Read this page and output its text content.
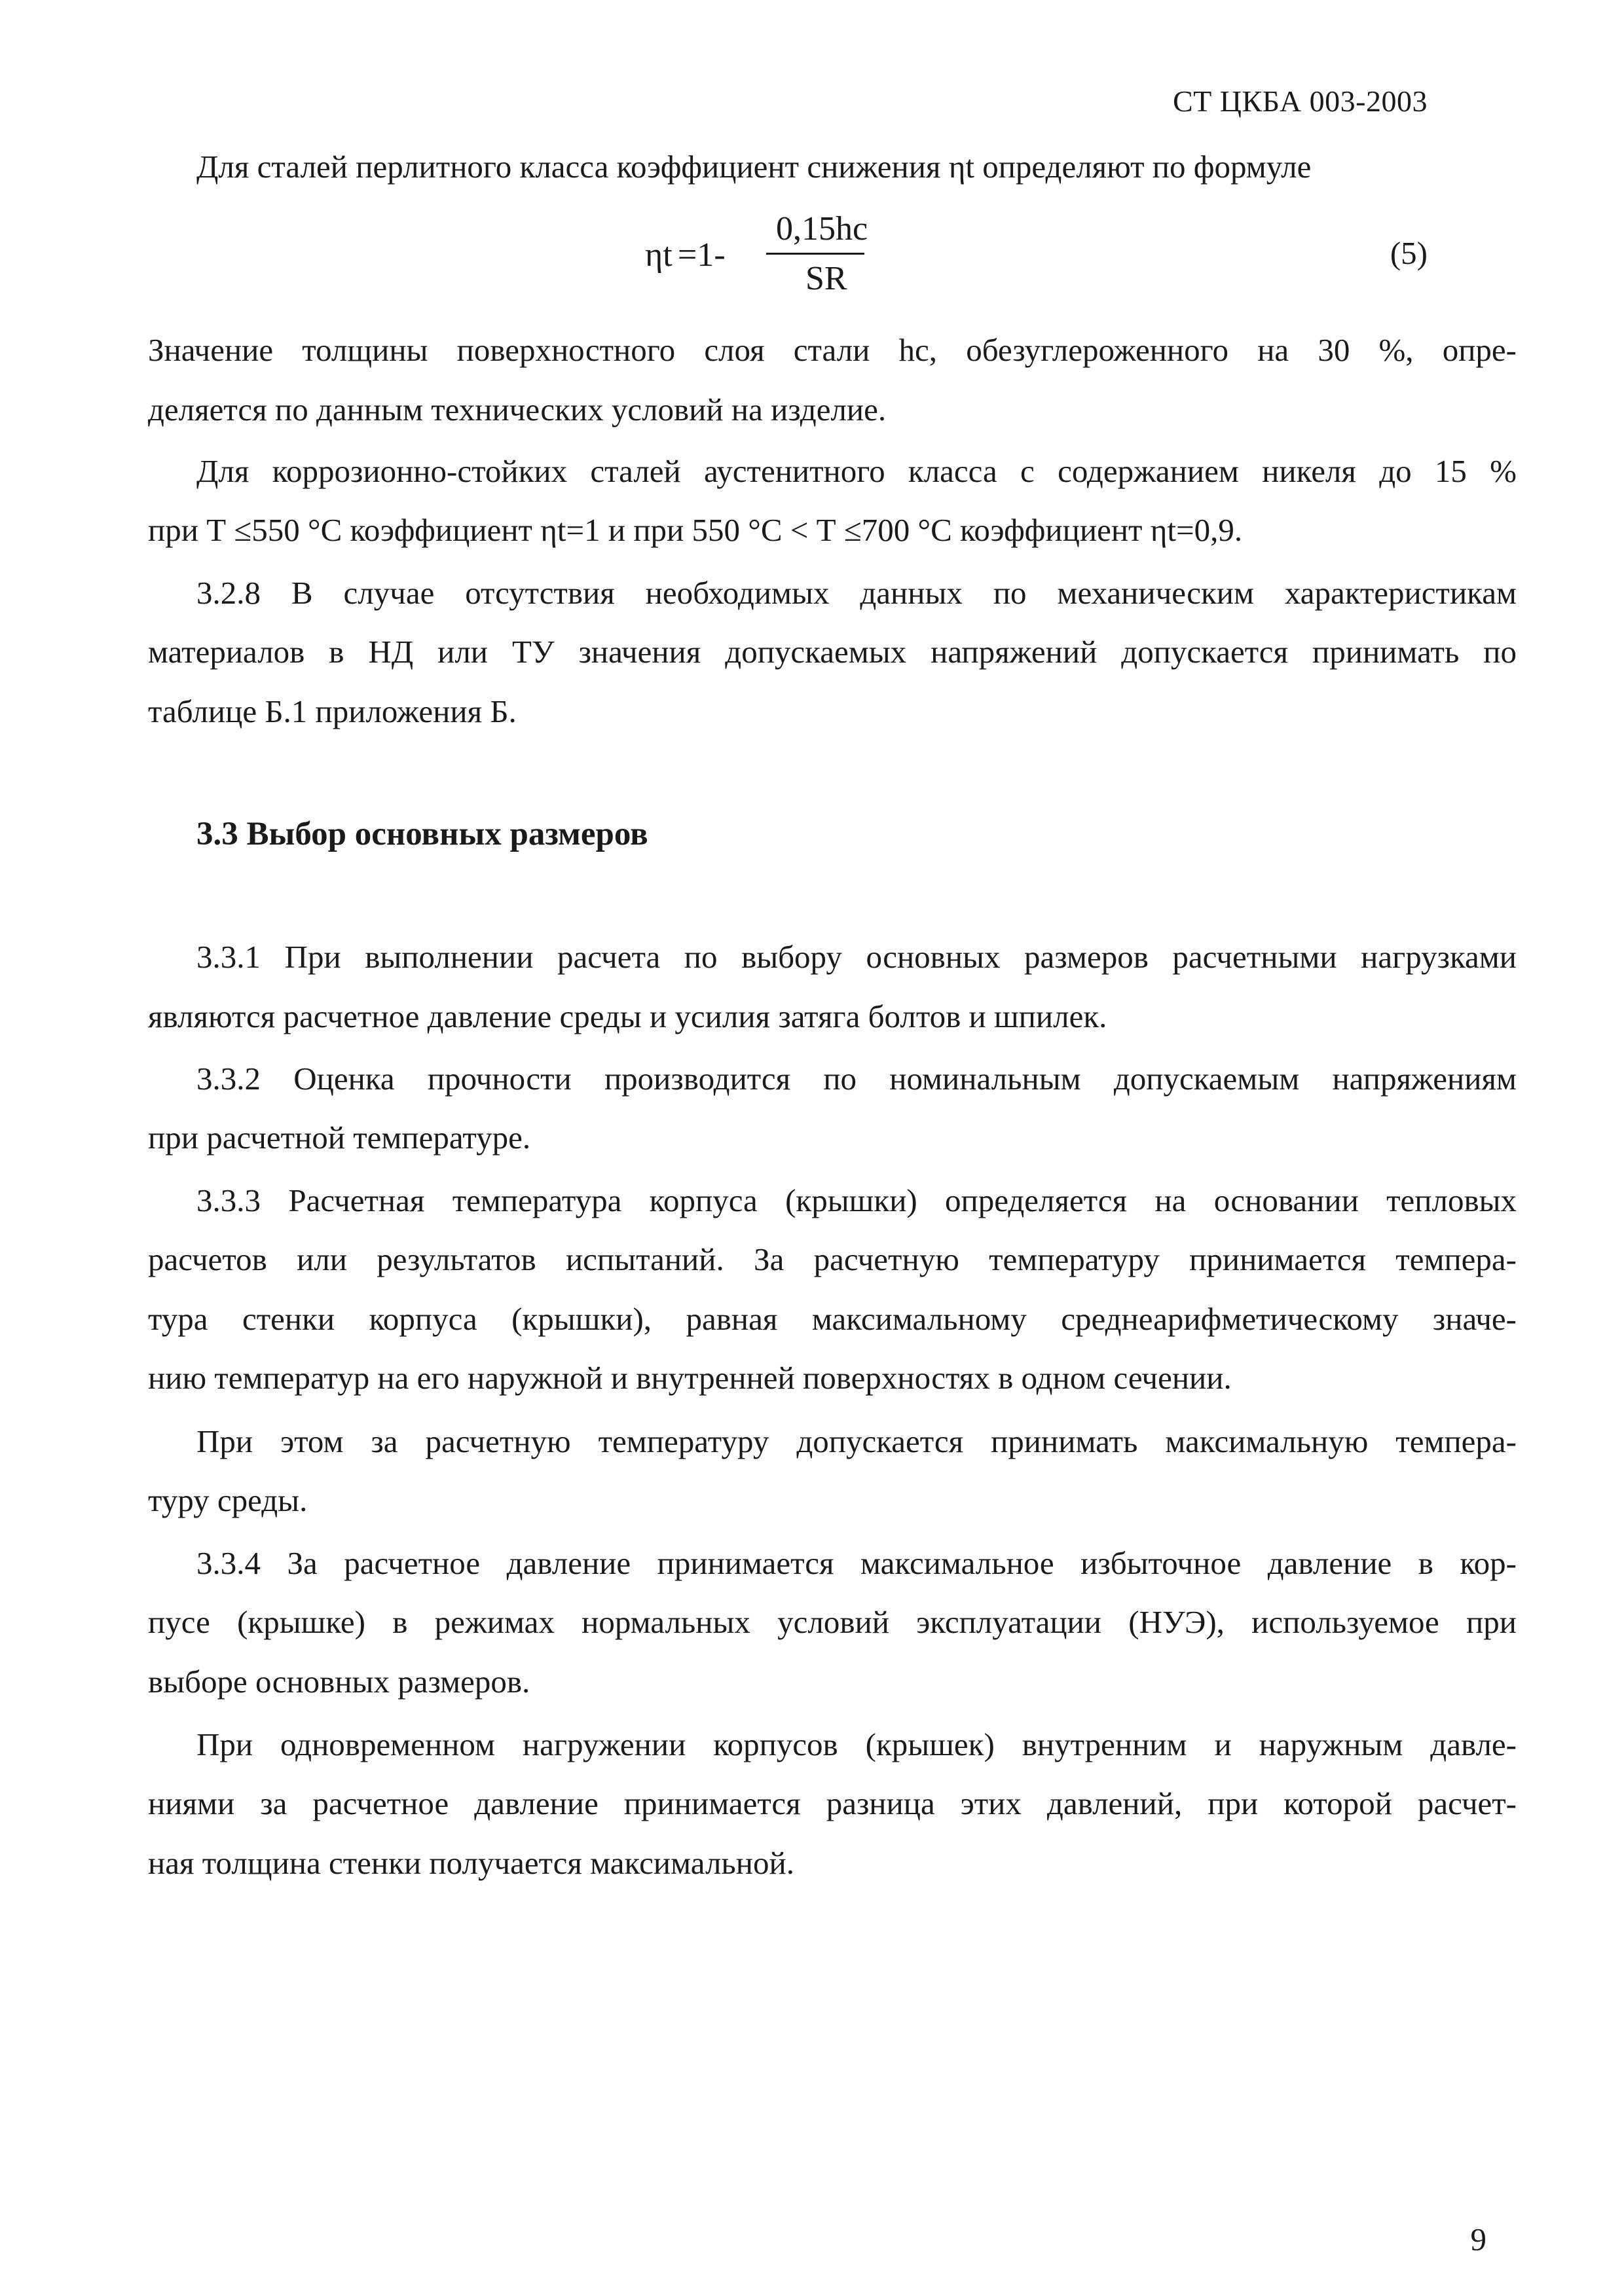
СТ ЦКБА 003-2003
Для сталей перлитного класса коэффициент снижения ηt определяют по формуле
ηt =1-
0,15hc
SR
(5)
Значение толщины поверхностного слоя стали hc, обезуглероженного на 30 %, опре-
деляется по данным технических условий на изделие.
Для коррозионно-стойких сталей аустенитного класса с содержанием никеля до 15 %
при Т ≤550 °С коэффициент ηt=1 и при 550 °С < Т ≤700 °С коэффициент ηt=0,9.
3.2.8 В случае отсутствия необходимых данных по механическим характеристикам
материалов в НД или ТУ значения допускаемых напряжений допускается принимать по
таблице Б.1 приложения Б.
3.3 Выбор основных размеров
3.3.1 При выполнении расчета по выбору основных размеров расчетными нагрузками
являются расчетное давление среды и усилия затяга болтов и шпилек.
3.3.2 Оценка прочности производится по номинальным допускаемым напряжениям
при расчетной температуре.
3.3.3 Расчетная температура корпуса (крышки) определяется на основании тепловых
расчетов или результатов испытаний. За расчетную температуру принимается темпера-
тура стенки корпуса (крышки), равная максимальному среднеарифметическому значе-
нию температур на его наружной и внутренней поверхностях в одном сечении.
При этом за расчетную температуру допускается принимать максимальную темпера-
туру среды.
3.3.4 За расчетное давление принимается максимальное избыточное давление в кор-
пусе (крышке) в режимах нормальных условий эксплуатации (НУЭ), используемое при
выборе основных размеров.
При одновременном нагружении корпусов (крышек) внутренним и наружным давле-
ниями за расчетное давление принимается разница этих давлений, при которой расчет-
ная толщина стенки получается максимальной.
9
